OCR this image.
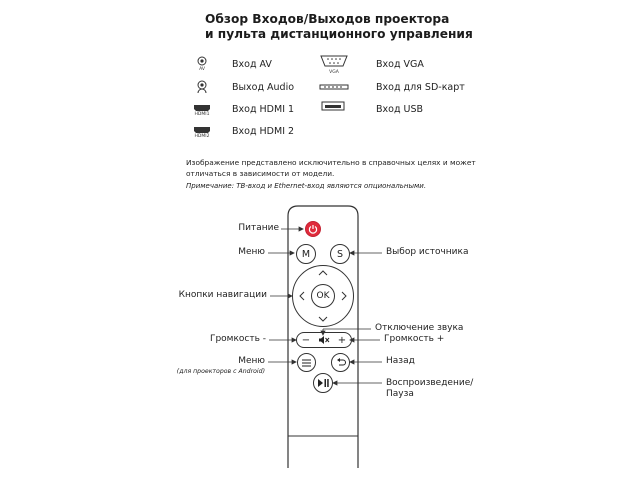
Обзор Входов/Выходов проектора
и пульта дистанционного управления
AV
HDMI1
HDMI2
Вход AV
Выход Audio
Вход HDMI 1
Вход HDMI 2
VGA
Вход VGA
Вход для SD-карт
Вход USB
Изображение представлено исключительно в справочных целях и может
отличаться в зависимости от модели.
Примечание: ТВ-вход и Ethernet-вход являются опциональными.
M	S
OK
−	+
Питание
Меню
Кнопки навигации
Громкость -
Меню
(для проекторов с Android)
Выбор источника
Отключение звука
Громкость +
Назад
Воспроизведение/
Пауза
